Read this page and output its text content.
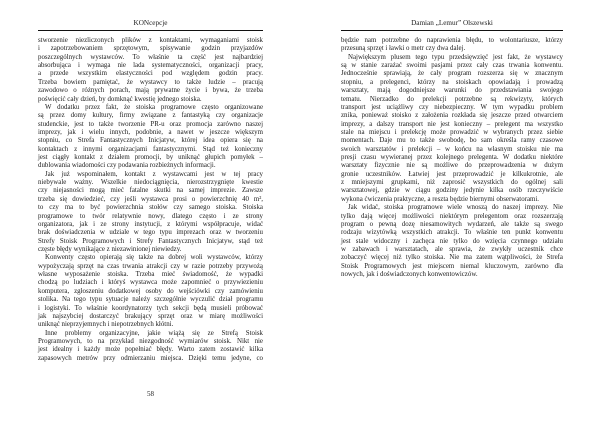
KONcepcje
stworzenie niezliczonych plików z kontaktami, wymaganiami stoisk
i zapotrzebowaniem sprzętowym, spisywanie godzin przyjazdów
poszczególnych wystawców. To właśnie ta część jest najbardziej
absorbująca i wymaga nie lada systematyczności, organizacji pracy,
a przede wszystkim elastyczności pod względem godzin pracy.
Trzeba bowiem pamiętać, że wystawcy to także ludzie – pracują
zawodowo o różnych porach, mają prywatne życie i bywa, że trzeba
poświęcić cały dzień, by domknąć kwestię jednego stoiska.
W dodatku przez fakt, że stoiska programowe często organizowane
są przez domy kultury, firmy związane z fantastyką czy organizacje
studenckie, jest to także tworzenie PR-u oraz promocja zarówno naszej
imprezy, jak i wielu innych, podobnie, a nawet w jeszcze większym
stopniu, co Strefa Fantastycznych Inicjatyw, której idea opiera się na
kontaktach z innymi organizacjami fantastycznymi. Stąd też konieczny
jest ciągły kontakt z działem promocji, by uniknąć głupich pomyłek –
dublowania wiadomości czy podawania rozbieżnych informacji.
Jak już wspominałem, kontakt z wystawcami jest w tej pracy
niebywale ważny. Wszelkie niedociągnięcia, nierozstrzygnięte kwestie
czy niejasności mogą mieć fatalne skutki na samej imprezie. Zawsze
trzeba się dowiedzieć, czy jeśli wystawca prosi o powierzchnię 40 m²,
to czy ma to być powierzchnia stołów czy samego stoiska. Stoiska
programowe to twór relatywnie nowy, dlatego często i ze strony
organizatora, jak i ze strony instytucji, z którymi współpracuje, widać
brak doświadczenia w udziale w tego typu imprezach oraz w tworzeniu
Strefy Stoisk Programowych i Strefy Fantastycznych Inicjatyw, stąd też
częste błędy wynikające z niezawinionej niewiedzy.
Konwenty często opierają się także na dobrej woli wystawców, którzy
wypożyczają sprzęt na czas trwania atrakcji czy w razie potrzeby przywożą
własne wyposażenie stoiska. Trzeba mieć świadomość, że wypadki
chodzą po ludziach i któryś wystawca może zapomnieć o przywiezieniu
komputera, zgłoszeniu dodatkowej osoby do wejściówki czy zamówieniu
stolika. Na tego typu sytuacje należy szczególnie wyczulić dział programu
i logistyki. To właśnie koordynatorzy tych sekcji będą musieli próbować
jak najszybciej dostarczyć brakujący sprzęt oraz w miarę możliwości
uniknąć nieprzyjemnych i niepotrzebnych kłótni.
Inne problemy organizacyjne, jakie wiążą się ze Strefą Stoisk
Programowych, to na przykład niezgodność wymiarów stoisk. Nikt nie
jest idealny i każdy może popełniać błędy. Warto zatem zostawić kilka
zapasowych metrów przy odmierzaniu miejsca. Dzięki temu jedyne, co
58
Damian „Lemur” Olszewski
będzie nam potrzebne do naprawienia błędu, to wolontariusze, którzy
przesuną sprzęt i ławki o metr czy dwa dalej.
Największym plusem tego typu przedsięwzięć jest fakt, że wystawcy
są w stanie zarażać swoimi pasjami przez cały czas trwania konwentu.
Jednocześnie sprawiają, że cały program rozszerza się w znacznym
stopniu, a prelegenci, którzy na stoiskach opowiadają i prowadzą
warsztaty, mają dogodniejsze warunki do przedstawiania swojego
tematu. Nierzadko do prelekcji potrzebne są rekwizyty, których
transport jest uciążliwy czy niebezpieczny. W tym wypadku problem
znika, ponieważ stoisko z założenia rozkłada się jeszcze przed otwarciem
imprezy, a dalszy transport nie jest konieczny – prelegent ma wszystko
stale na miejscu i prelekcję może prowadzić w wybranych przez siebie
momentach. Daje mu to także swobodę, bo sam określa ramy czasowe
swoich warsztatów i prelekcji – w końcu na własnym stoisku nie ma
presji czasu wywieranej przez kolejnego prelegenta. W dodatku niektóre
warsztaty fizycznie nie są możliwe do przeprowadzenia w dużym
gronie uczestników. Łatwiej jest przeprowadzić je kilkukrotnie, ale
z mniejszymi grupkami, niż zaprosić wszystkich do ogólnej sali
warsztatowej, gdzie w ciągu godziny jedynie kilka osób rzeczywiście
wykona ćwiczenia praktyczne, a reszta będzie biernymi obserwatorami.
Jak widać, stoiska programowe wiele wnoszą do naszej imprezy. Nie
tylko dają więcej możliwości niektórym prelegentom oraz rozszerzają
program o pewną dozę niesamowitych wydarzeń, ale także są swego
rodzaju wizytówką wszystkich atrakcji. To właśnie ten punkt konwentu
jest stale widoczny i zachęca nie tylko do wzięcia czynnego udziału
w zabawach i warsztatach, ale sprawia, że zwykły uczestnik chce
zobaczyć więcej niż tylko stoiska. Nie ma zatem wątpliwości, że Strefa
Stoisk Programowych jest miejscem niemal kluczowym, zarówno dla
nowych, jak i doświadczonych konwentowiczów.
